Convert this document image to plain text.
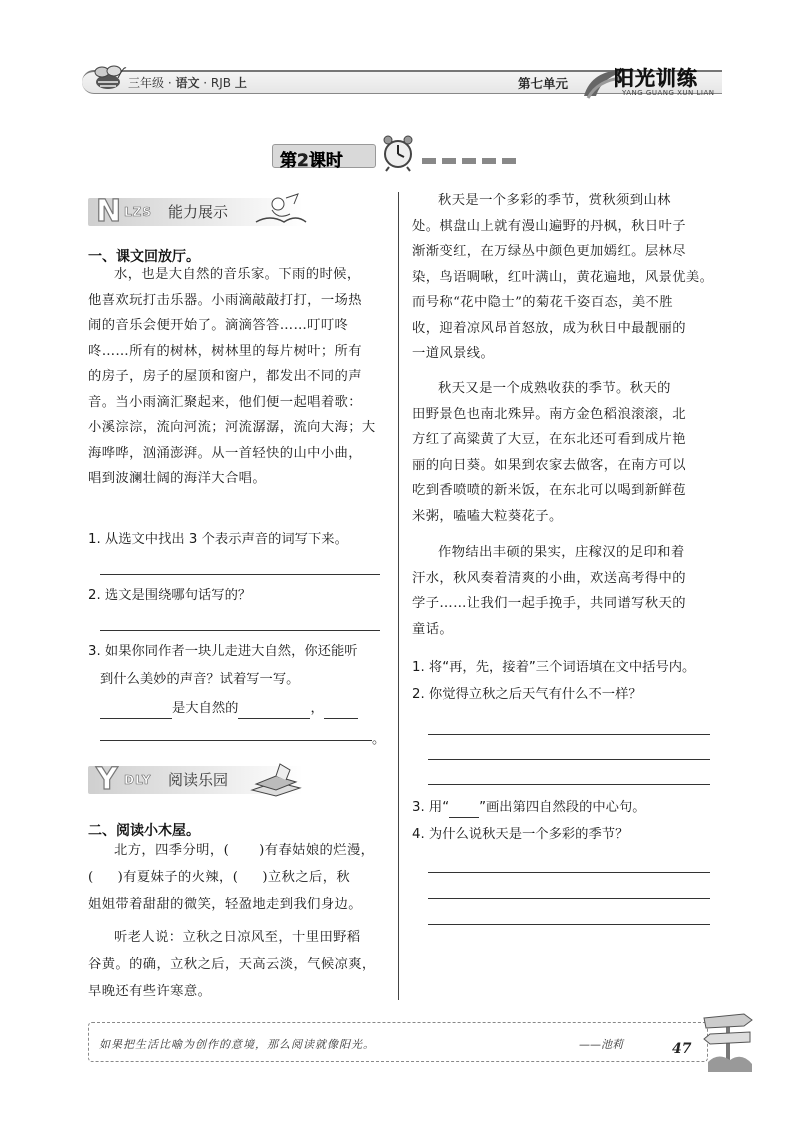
三年级 · 语文 · RJB 上	第七单元 阳光训练
YANG GUANG XUN LIAN
第2课时
N LZS 能力展示
一、课文回放厅。
水，也是大自然的音乐家。下雨的时候，
他喜欢玩打击乐器。小雨滴敲敲打打，一场热
闹的音乐会便开始了。滴滴答答……叮叮咚
咚……所有的树林，树林里的每片树叶；所有
的房子，房子的屋顶和窗户，都发出不同的声
音。当小雨滴汇聚起来，他们便一起唱着歌：
小溪淙淙，流向河流；河流潺潺，流向大海；大
海哗哗，汹涌澎湃。从一首轻快的山中小曲，
唱到波澜壮阔的海洋大合唱。
1. 从选文中找出 3 个表示声音的词写下来。
2. 选文是围绕哪句话写的？
3. 如果你同作者一块儿走进大自然，你还能听
到什么美妙的声音？试着写一写。
是大自然的	，
。
Y DLY 阅读乐园
二、阅读小木屋。
北方，四季分明，( )有春姑娘的烂漫，
( )有夏妹子的火辣，( )立秋之后，秋
姐姐带着甜甜的微笑，轻盈地走到我们身边。
听老人说：立秋之日凉风至，十里田野稻
谷黄。的确，立秋之后，天高云淡，气候凉爽，
早晚还有些许寒意。
秋天是一个多彩的季节，赏秋须到山林
处。棋盘山上就有漫山遍野的丹枫，秋日叶子
渐渐变红，在万绿丛中颜色更加嫣红。层林尽
染，鸟语啁啾，红叶满山，黄花遍地，风景优美。
而号称“花中隐士”的菊花千姿百态，美不胜
收，迎着凉风昂首怒放，成为秋日中最靓丽的
一道风景线。
秋天又是一个成熟收获的季节。秋天的
田野景色也南北殊异。南方金色稻浪滚滚，北
方红了高粱黄了大豆，在东北还可看到成片艳
丽的向日葵。如果到农家去做客，在南方可以
吃到香喷喷的新米饭，在东北可以喝到新鲜苞
米粥，嗑嗑大粒葵花子。
作物结出丰硕的果实，庄稼汉的足印和着
汗水，秋风奏着清爽的小曲，欢送高考得中的
学子……让我们一起手挽手，共同谱写秋天的
童话。
1. 将“再，先，接着”三个词语填在文中括号内。
2. 你觉得立秋之后天气有什么不一样？
3. 用“ ”画出第四自然段的中心句。
4. 为什么说秋天是一个多彩的季节？
如果把生活比喻为创作的意境，那么阅读就像阳光。	——池莉	47
